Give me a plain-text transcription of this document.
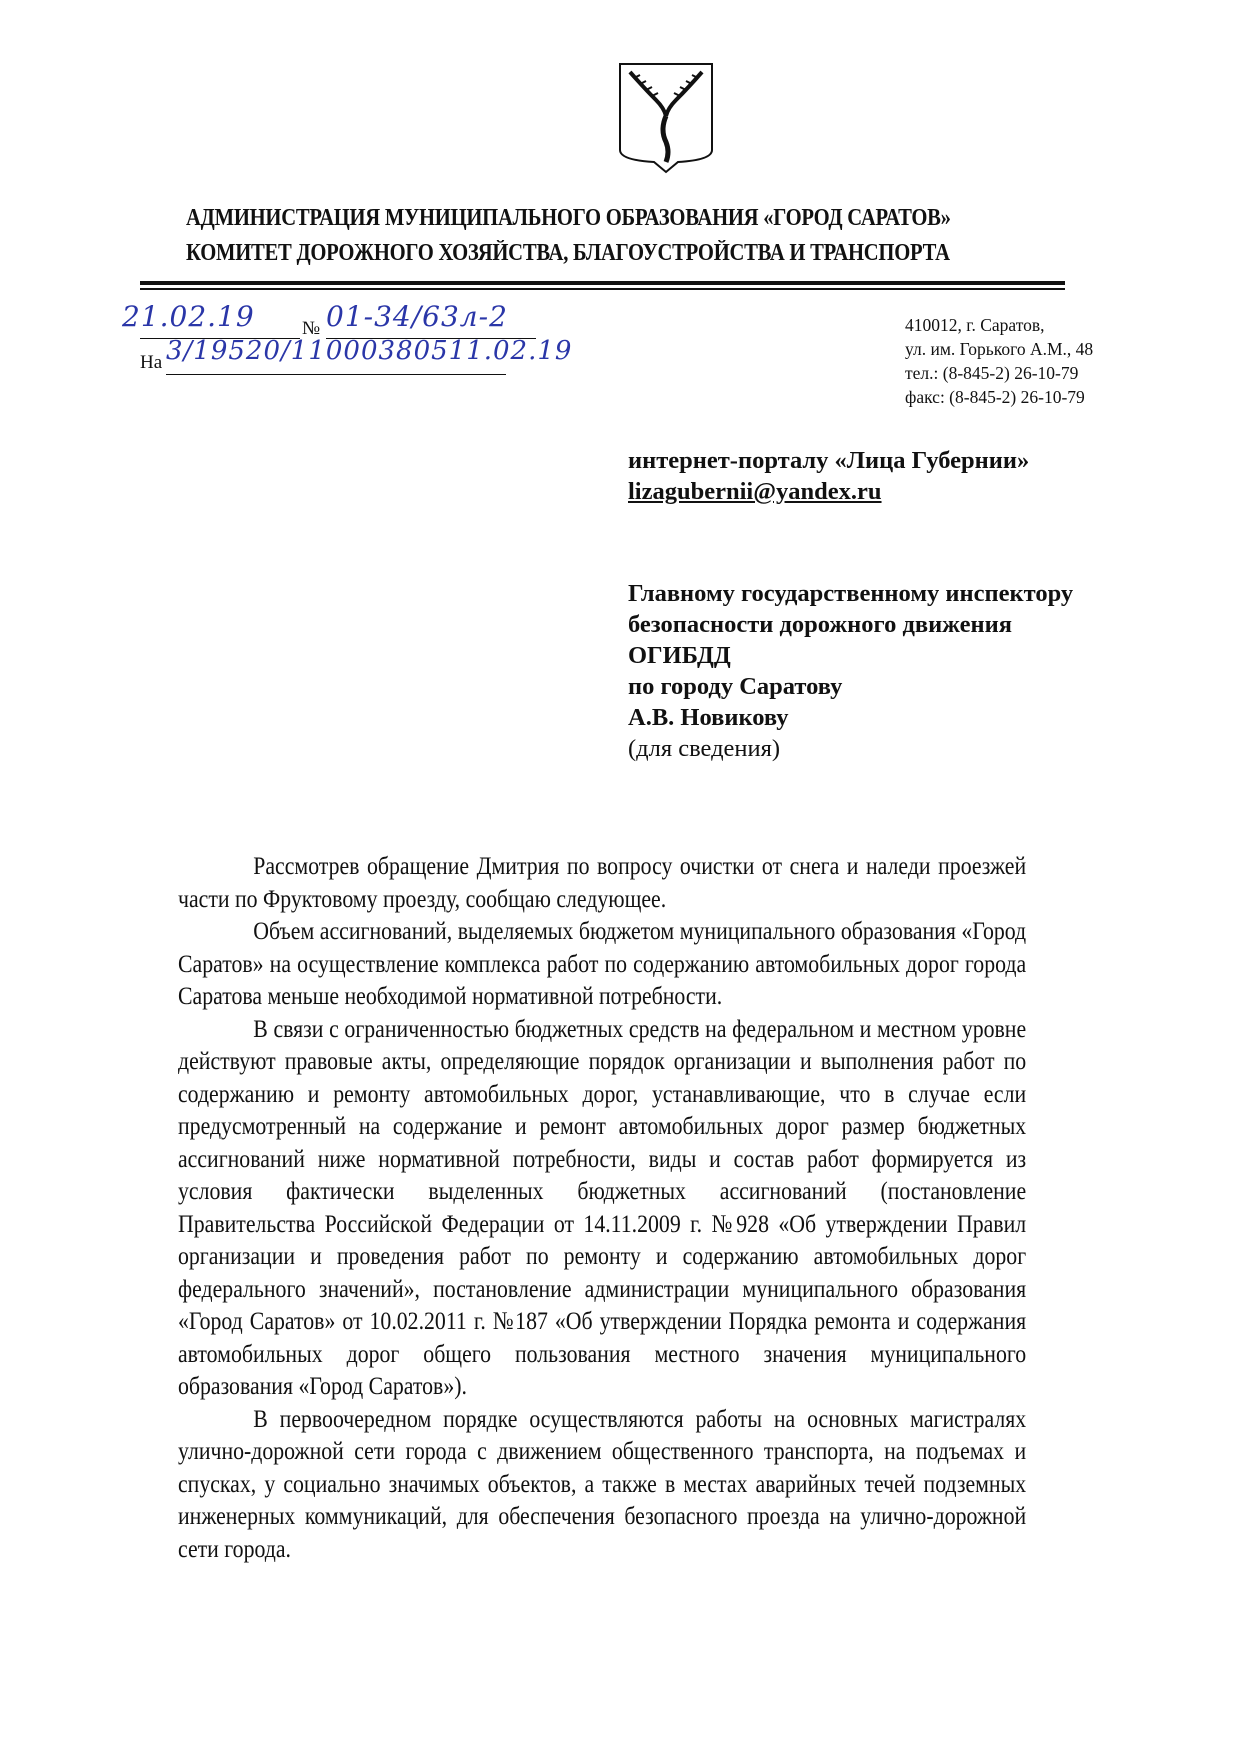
АДМИНИСТРАЦИЯ МУНИЦИПАЛЬНОГО ОБРАЗОВАНИЯ «ГОРОД САРАТОВ»
КОМИТЕТ ДОРОЖНОГО ХОЗЯЙСТВА, БЛАГОУСТРОЙСТВА И ТРАНСПОРТА
21.02.19 № 01-34/63л-2
На 3/19520/11000380511.02.19
410012, г. Саратов,
ул. им. Горького А.М., 48
тел.: (8-845-2) 26-10-79
факс: (8-845-2) 26-10-79
интернет-порталу «Лица Губернии»
lizagubernii@yandex.ru
Главному государственному инспектору
безопасности дорожного движения
ОГИБДД
по городу Саратову
А.В. Новикову
(для сведения)

Рассмотрев обращение Дмитрия по вопросу очистки от снега и наледи проезжей части по Фруктовому проезду, сообщаю следующее.

Объем ассигнований, выделяемых бюджетом муниципального образования «Город Саратов» на осуществление комплекса работ по содержанию автомобильных дорог города Саратова меньше необходимой нормативной потребности.

В связи с ограниченностью бюджетных средств на федеральном и местном уровне действуют правовые акты, определяющие порядок организации и выполнения работ по содержанию и ремонту автомобильных дорог, устанавливающие, что в случае если предусмотренный на содержание и ремонт автомобильных дорог размер бюджетных ассигнований ниже нормативной потребности, виды и состав работ формируется из условия фактически выделенных бюджетных ассигнований (постановление Правительства Российской Федерации от 14.11.2009 г. №928 «Об утверждении Правил организации и проведения работ по ремонту и содержанию автомобильных дорог федерального значений», постановление администрации муниципального образования «Город Саратов» от 10.02.2011 г. №187 «Об утверждении Порядка ремонта и содержания автомобильных дорог общего пользования местного значения муниципального образования «Город Саратов»).

В первоочередном порядке осуществляются работы на основных магистралях улично-дорожной сети города с движением общественного транспорта, на подъемах и спусках, у социально значимых объектов, а также в местах аварийных течей подземных инженерных коммуникаций, для обеспечения безопасного проезда на улично-дорожной сети города.
